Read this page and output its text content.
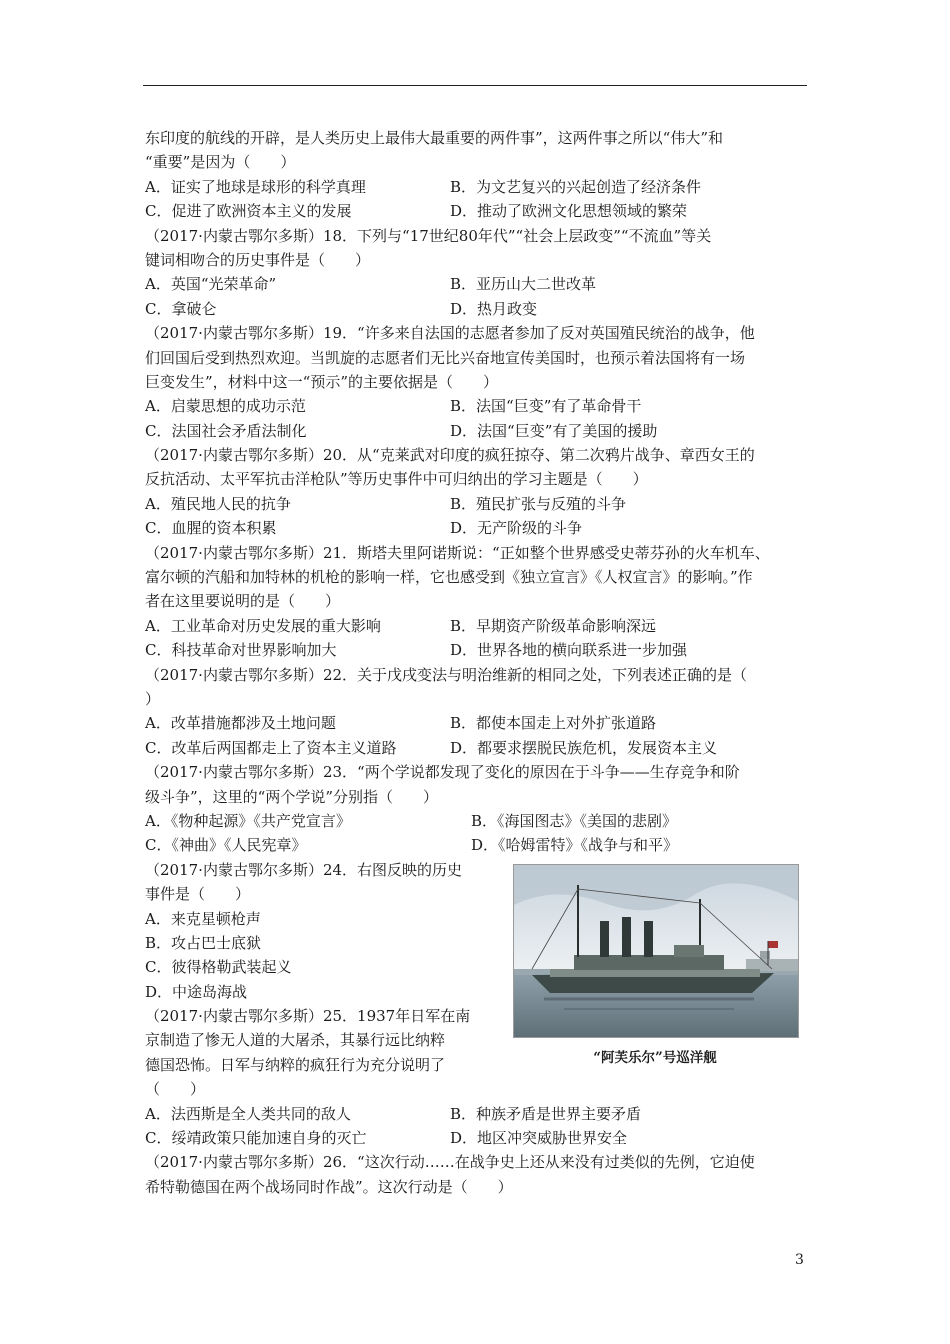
东印度的航线的开辟，是人类历史上最伟大最重要的两件事”，这两件事之所以“伟大”和
“重要”是因为（　　）
A．证实了地球是球形的科学真理	B．为文艺复兴的兴起创造了经济条件
C．促进了欧洲资本主义的发展	D．推动了欧洲文化思想领域的繁荣
（2017·内蒙古鄂尔多斯）18．下列与“17世纪80年代”“社会上层政变”“不流血”等关
键词相吻合的历史事件是（　　）
A．英国“光荣革命”	B．亚历山大二世改革
C．拿破仑	D．热月政变
（2017·内蒙古鄂尔多斯）19．“许多来自法国的志愿者参加了反对英国殖民统治的战争，他
们回国后受到热烈欢迎。当凯旋的志愿者们无比兴奋地宣传美国时，也预示着法国将有一场
巨变发生”，材料中这一“预示”的主要依据是（　　）
A．启蒙思想的成功示范	B．法国“巨变”有了革命骨干
C．法国社会矛盾法制化	D．法国“巨变”有了美国的援助
（2017·内蒙古鄂尔多斯）20．从“克莱武对印度的疯狂掠夺、第二次鸦片战争、章西女王的
反抗活动、太平军抗击洋枪队”等历史事件中可归纳出的学习主题是（　　）
A．殖民地人民的抗争	B．殖民扩张与反殖的斗争
C．血腥的资本积累	D．无产阶级的斗争
（2017·内蒙古鄂尔多斯）21．斯塔夫里阿诺斯说：“正如整个世界感受史蒂芬孙的火车机车、
富尔顿的汽船和加特林的机枪的影响一样，它也感受到《独立宣言》《人权宣言》的影响。”作
者在这里要说明的是（　　）
A．工业革命对历史发展的重大影响	B．早期资产阶级革命影响深远
C．科技革命对世界影响加大	D．世界各地的横向联系进一步加强
（2017·内蒙古鄂尔多斯）22．关于戊戌变法与明治维新的相同之处，下列表述正确的是（
）
A．改革措施都涉及土地问题	B．都使本国走上对外扩张道路
C．改革后两国都走上了资本主义道路	D．都要求摆脱民族危机，发展资本主义
（2017·内蒙古鄂尔多斯）23．“两个学说都发现了变化的原因在于斗争——生存竞争和阶
级斗争”，这里的“两个学说”分别指（　　）
A．《物种起源》《共产党宣言》	B．《海国图志》《美国的悲剧》
C．《神曲》《人民宪章》	D．《哈姆雷特》《战争与和平》
（2017·内蒙古鄂尔多斯）24．右图反映的历史
事件是（　　）
A．来克星顿枪声
B．攻占巴士底狱
C．彼得格勒武装起义
D．中途岛海战
（2017·内蒙古鄂尔多斯）25．1937年日军在南
京制造了惨无人道的大屠杀，其暴行远比纳粹
德国恐怖。日军与纳粹的疯狂行为充分说明了
（　　）
“阿芙乐尔”号巡洋舰
A．法西斯是全人类共同的敌人	B．种族矛盾是世界主要矛盾
C．绥靖政策只能加速自身的灭亡	D．地区冲突威胁世界安全
（2017·内蒙古鄂尔多斯）26．“这次行动……在战争史上还从来没有过类似的先例，它迫使
希特勒德国在两个战场同时作战”。这次行动是（　　）
3
